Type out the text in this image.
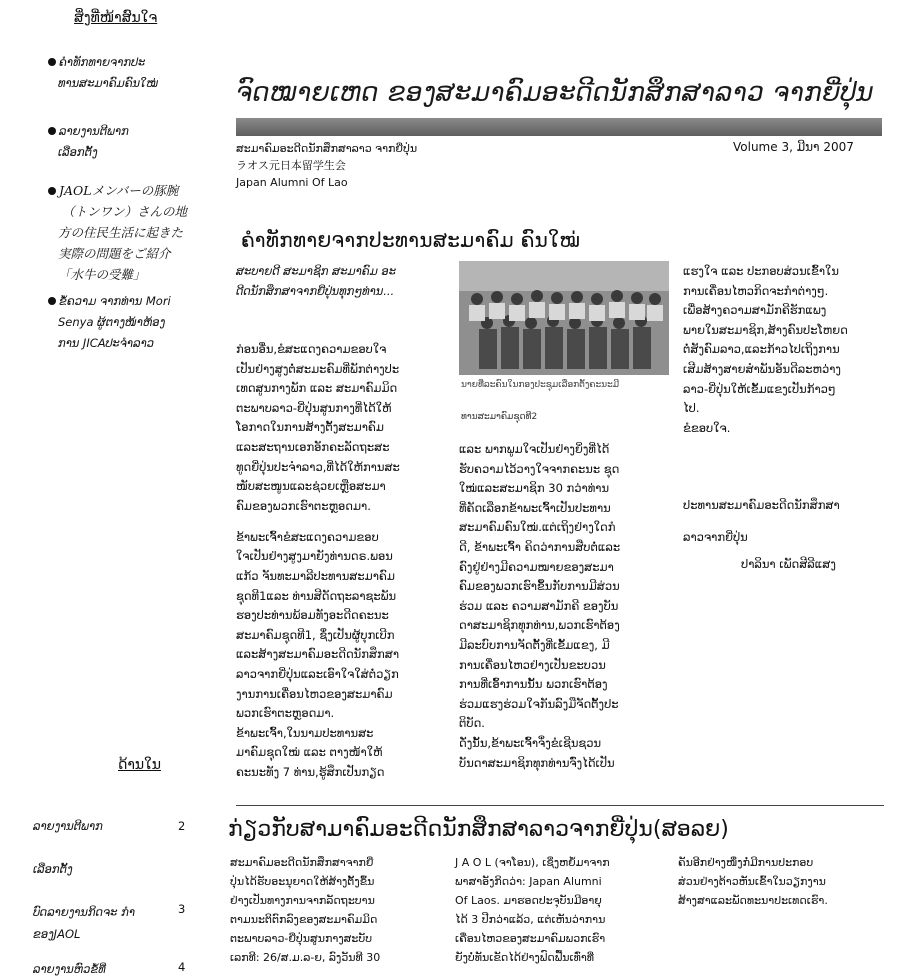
ສິ່ງທີ່ໜ້າສົນໃຈ
ຄຳທັກທາຍຈາກປະ
ທານສະມາຄົມຄົນໃໝ່
ລາຍງານຕີພາກ
ເລືອກຕັ້ງ
JAOLメンバーの豚腕
（トンワン）さんの地
方の住民生活に起きた
実際の問題をご紹介
「水牛の受難」
ຂໍ້ຄວາມ ຈາກທ່ານ Mori
Senya ຜູ້ຕາງໜ້າຫ້ອງ
ການ JICAປະຈຳລາວ
ຈົດໝາຍເຫດ ຂອງສະມາຄົມອະດີດນັກສຶກສາລາວ ຈາກຍີ່ປຸ່ນ
ສະມາຄົມອະດີດນັກສຶກສາລາວ ຈາກຍີ່ປຸ່ນ
ラオス元日本留学生会
Japan Alumni Of Lao
Volume 3, ມີນາ 2007
ຄຳທັກທາຍຈາກປະທານສະມາຄົມ ຄົນໃໝ່
ສະບາຍດີ ສະມາຊິກ ສະມາຄົມ ອະ
ດີດນັກສຶກສາຈາກຍີ່ປຸ່ນທຸກໆທ່ານ...
ກ່ອນອື່ນ,ຂໍສະແດງຄວາມຂອບໃຈ
ເປັນຢ່າງສູງຕໍ່ສະມະຄົມທີ່ພັກຕ່າງປະ
ເທດສູນກາງພັກ ແລະ ສະມາຄົມມິດ
ຕະພາບລາວ-ຍີ່ປຸ່ນສູນກາງທີ່ໄດ້ໃຫ້
ໂອກາດໃນການສ້າງຕັ້ງສະມາຄົມ
ແລະສະຖານເອກອັກຄະລັດຖະສະ
ທູດຍີ່ປຸ່ນປະຈຳລາວ,ທີ່ໄດ້ໃຫ້ການສະ
ໜັບສະໜູນແລະຊ່ວຍເຫຼືອສະມາ
ຄົມຂອງພວກເຮົາຕະຫຼອດມາ.
ຂ້າພະເຈົ້າຂໍສະແດງຄວາມຂອບ
ໃຈເປັນຢ່າງສູງມາຍັງທ່ານດຣ.ພອນ
ແກ້ວ ຈັນທະມາລີປະທານສະມາຄົມ
ຊຸດທີ1ແລະ ທ່ານສີດັດຖະລາຊະພັນ
ຮອງປະທ່ານພ້ອມທັງອະດີດຄະນະ
ສະມາຄົມຊຸດທີ1, ຊຶ່ງເປັນຜູ້ບຸກເບີກ
ແລະສ້າງສະມາຄົມອະດີດນັກສຶກສາ
ລາວຈາກຍີ່ປຸ່ນແລະເອົາໃຈໃສ່ຕໍ່ວຽກ
ງານການເຄື່ອນໄຫວຂອງສະມາຄົມ
ພວກເຮົາຕະຫຼອດມາ.
ຂ້າພະເຈົ້າ,ໃນນາມປະທານສະ
ມາຄົມຊຸດໃໝ່ ແລະ ຕາງໜ້າໃຫ້
ຄະນະທັງ 7 ທ່ານ,ຮູ້ສຶກເປັນກຽດ
ນາຍທີ່ລະຄົນໃນກອງປະຊຸມເລືອກຕັ້ງຄະນະມີ
ທານສະມາຄົມຊຸດທີ2
ແລະ ພາກພູມໃຈເປັນຢ່າງຍິ່ງທີ່ໄດ້
ຮັບຄວາມໄວ້ວາງໃຈຈາກຄະນະ ຊຸດ
ໃໝ່ແລະສະມາຊິກ 30 ກວ່າທ່ານ
ທີ່ຄັດເລືອກຂ້າພະເຈົ້າເປັນປະທານ
ສະມາຄົມຄົນໃໝ່.ແຕ່ເຖິງຢ່າງໃດກໍ
ດີ, ຂ້າພະເຈົ້າ ຄິດວ່າການສືບຕໍ່ແລະ
ຄົງຢູ່ຢ່າງມີຄວາມໝາຍຂອງສະມາ
ຄົມຂອງພວກເຮົາຂຶ້ນກັບການມີສ່ວນ
ຮ່ວມ ແລະ ຄວາມສາມັກຄີ ຂອງບັນ
ດາສະມາຊິກທຸກທ່ານ,ພວກເຮົາຕ້ອງ
ມີລະບົບການຈັດຕັ້ງທີ່ເຂັ້ມແຂງ, ມີ
ການເຄື່ອນໄຫວຢ່າງເປັນຂະບວນ
ການທີ່ເອົ້າການນັ້ນ ພວກເຮົາຕ້ອງ
ຮ່ວມແຮງຮ່ວມໃຈກັນລົງມືຈັດຕັ້ງປະ
ຕິບັດ.
ດັ່ງນັ້ນ,ຂ້າພະເຈົ້າຈຶ່ງຂໍເຊີນຊວນ
ບັນດາສະມາຊິກທຸກທ່ານຈົ່ງໄດ້ເປັນ
ແຮງໃຈ ແລະ ປະກອບສ່ວນເຂົ້າໃນ
ການເຄື່ອນໄຫວກິດຈະກຳຕ່າງໆ.
ເພື່ອສ້າງຄວາມສາມັກຄີຮັກແພງ
ພາຍໃນສະມາຊິກ,ສ້າງຄົນປະໂຫຍດ
ຕໍ່ສັງຄົມລາວ,ແລະກ້າວໄປເຖິງການ
ເສີມສ້າງສາຍສຳພັນອັນດີລະຫວ່າງ
ລາວ-ຍີ່ປຸ່ນໃຫ້ເຂັ້ມແຂງເປັນກ້າວໆ
ໄປ.
ຂໍຂອບໃຈ.
ປະທານສະມາຄົມອະດີດນັກສຶກສາ
ລາວຈາກຍີ່ປຸ່ນ
ປາລິນາ ເພັດສີລີແສງ
ດ້ານໃນ
ລາຍງານຕີພາກ	2
ເລືອກຕັ້ງ
ບົດລາຍງານກິດຈະ ກຳ	3
ຂອງJAOL
ລາຍງານຫົວຂໍ້ທີ່	4
ກ່ຽວກັບສາມາຄົມອະດີດນັກສຶກສາລາວຈາກຍີ່ປຸ່ນ(ສອລຍ)
ສະມາຄົມອະດີດນັກສຶກສາຈາກຍີ່
ປຸ່ນໄດ້ຮັບອະນຸຍາດໃຫ້ສ້າງຕັ້ງຂຶ້ນ
ຢ່າງເປັນທາງການຈາກລັດຖະບານ
ຕາມນະຕິຕົກລົງຂອງສະມາຄົມມິດ
ຕະພາບລາວ-ຍີ່ປຸ່ນສູນກາງສະບັບ
ເລກທີ: 26/ສ.ມ.ລ-ຍ, ລົງວັນທີ 30
J A O L (ຈາໂອນ), ເຊິ່ງຫຍໍ້ມາຈາກ
ພາສາອັງກິດວ່າ: Japan Alumni
Of Laos. ມາຮອດປະຈຸບັນມີອາຍຸ
ໄດ້ 3 ປີກວ່າແລ້ວ, ແຕ່ເຫັນວ່າການ
ເຄື່ອນໄຫວຂອງສະມາຄົມພວກເຮົາ
ຍັງບໍ່ທັນເຂັດໄດ້ຢ່າງຟົດຟື້ນເທົ່າທີ່
ຄັນອີກຢ່າງໜຶ່ງກໍ່ມີການປະກອບ
ສ່ວນຢ່າງຕ້າວຫັນເຂົ້າໃນວຽກງານ
ສ້າງສາແລະພັດທະນາປະເທດເຮົາ.
